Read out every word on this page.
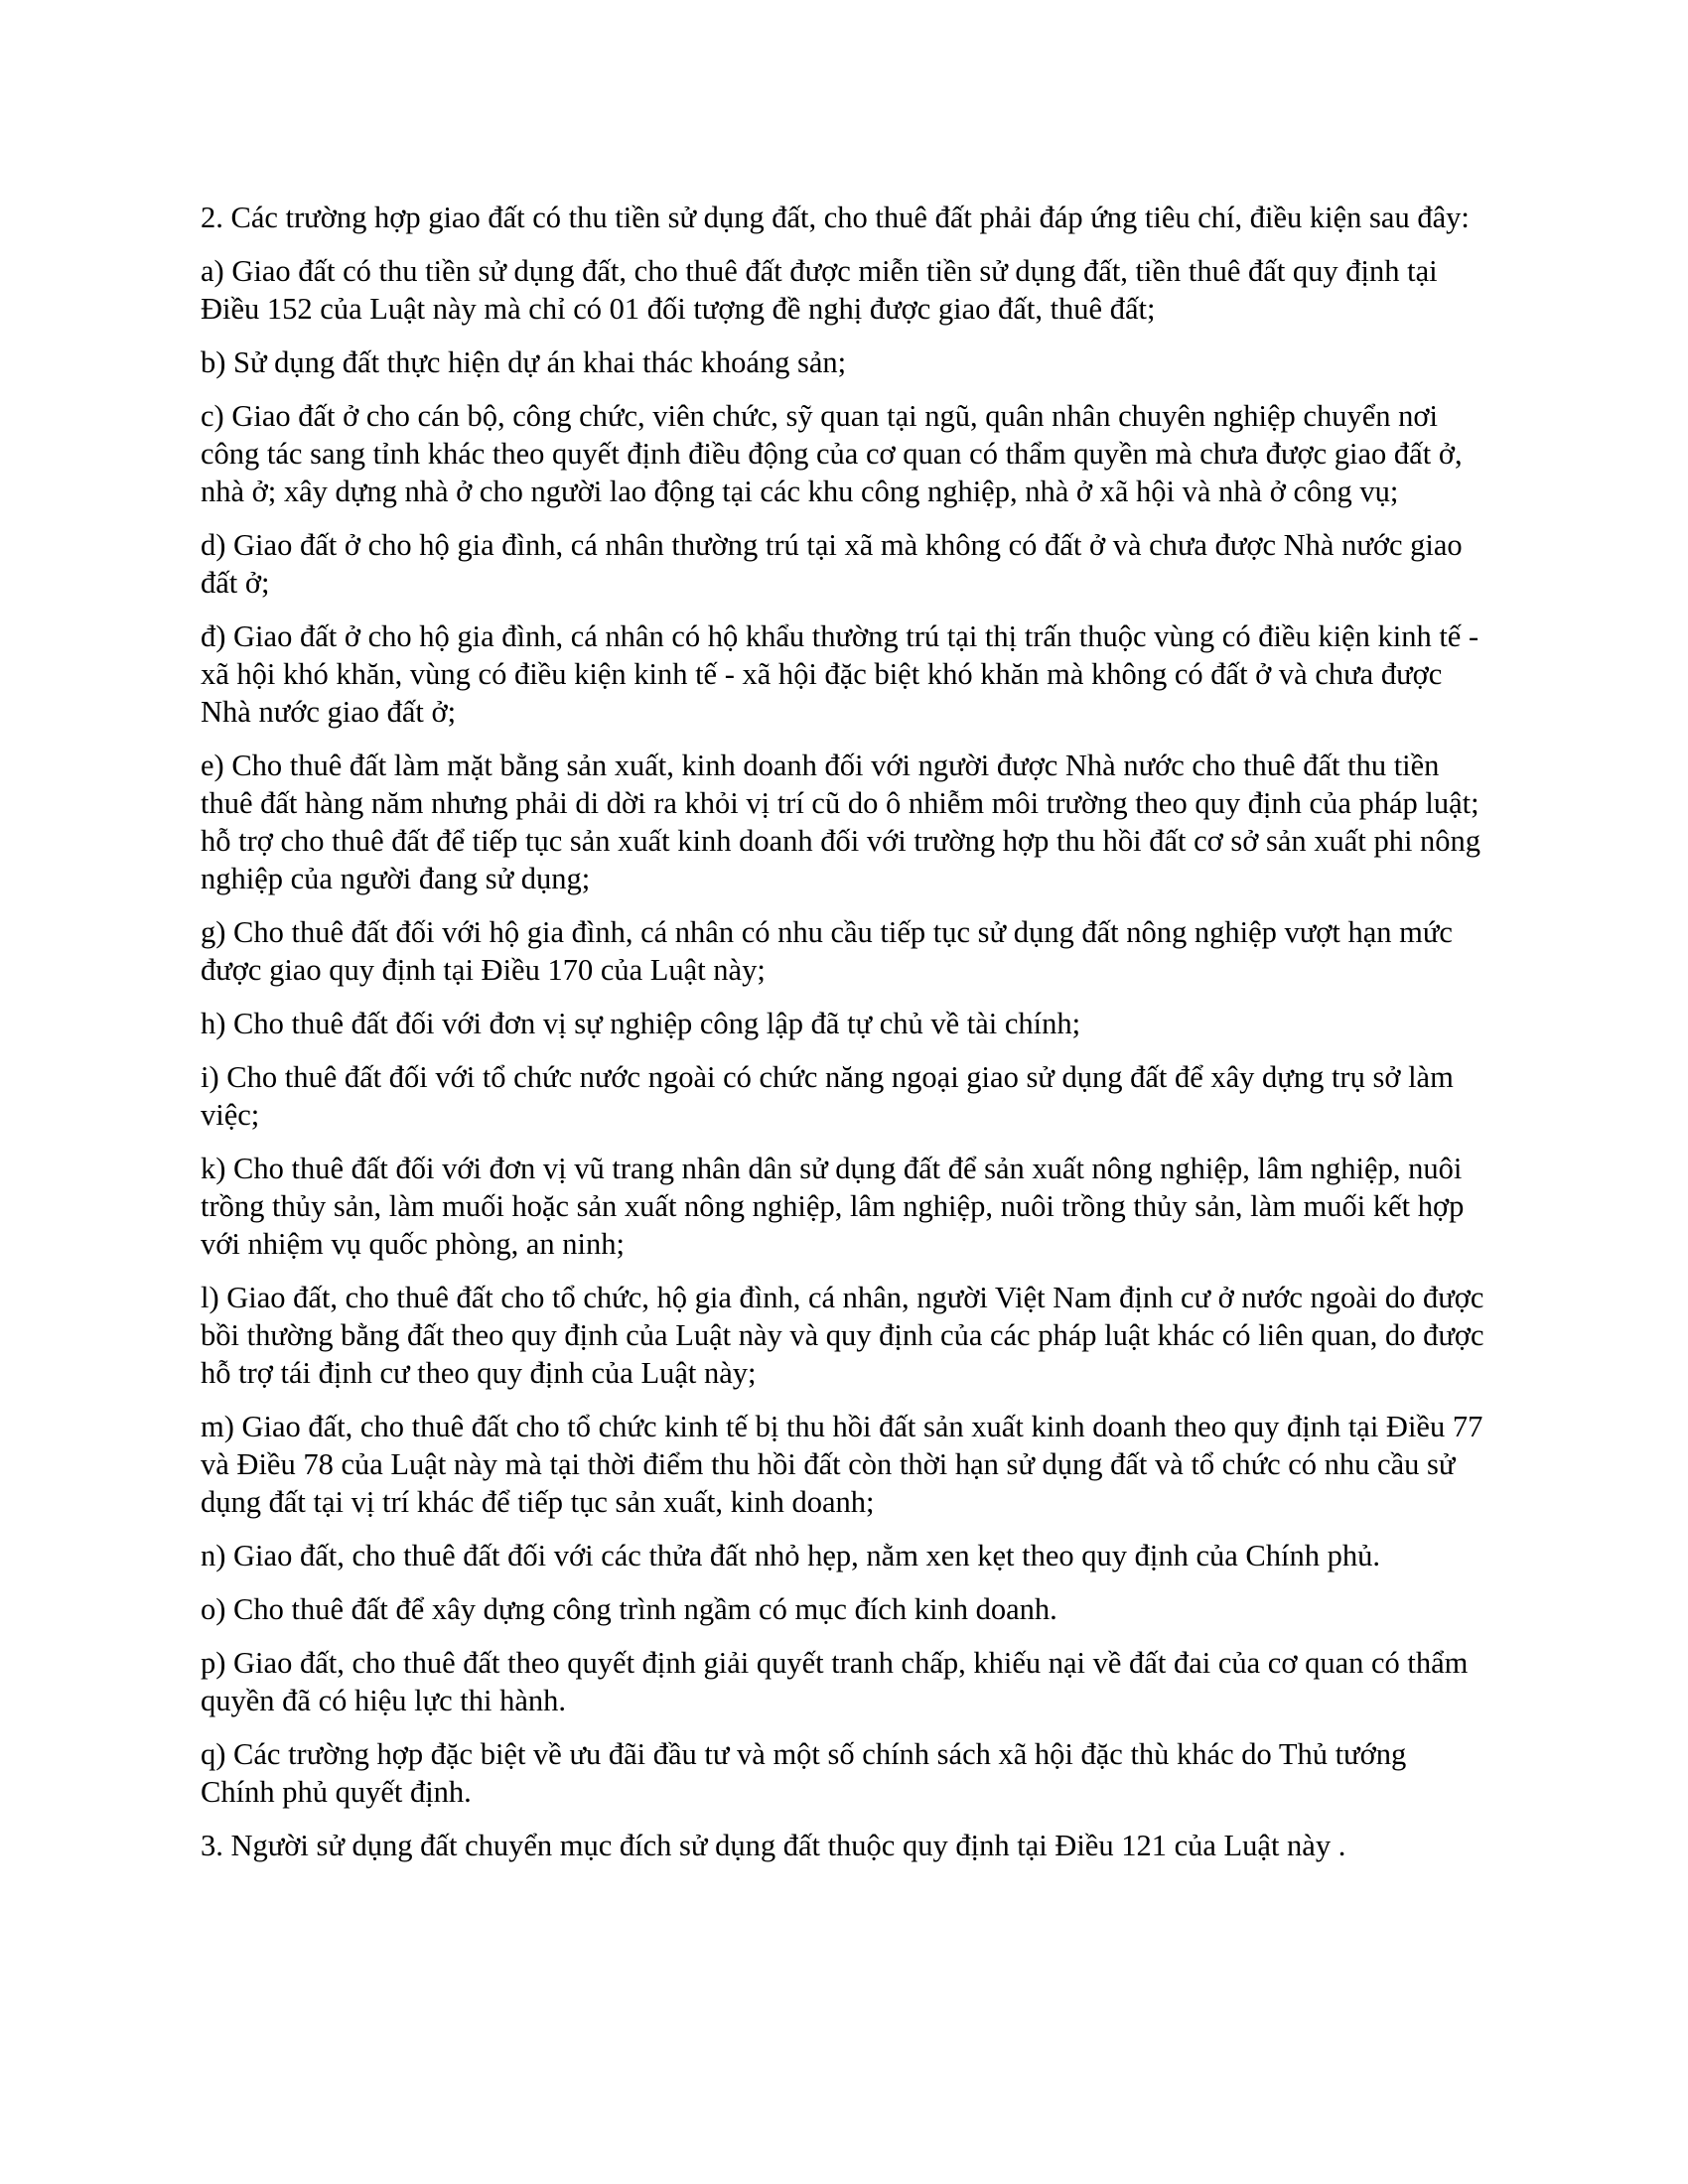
2. Các trường hợp giao đất có thu tiền sử dụng đất, cho thuê đất phải đáp ứng tiêu chí, điều kiện sau đây:

a) Giao đất có thu tiền sử dụng đất, cho thuê đất được miễn tiền sử dụng đất, tiền thuê đất quy định tại Điều 152 của Luật này mà chỉ có 01 đối tượng đề nghị được giao đất, thuê đất;

b) Sử dụng đất thực hiện dự án khai thác khoáng sản;

c) Giao đất ở cho cán bộ, công chức, viên chức, sỹ quan tại ngũ, quân nhân chuyên nghiệp chuyển nơi công tác sang tỉnh khác theo quyết định điều động của cơ quan có thẩm quyền mà chưa được giao đất ở, nhà ở; xây dựng nhà ở cho người lao động tại các khu công nghiệp, nhà ở xã hội và nhà ở công vụ;

d) Giao đất ở cho hộ gia đình, cá nhân thường trú tại xã mà không có đất ở và chưa được Nhà nước giao đất ở;

đ) Giao đất ở cho hộ gia đình, cá nhân có hộ khẩu thường trú tại thị trấn thuộc vùng có điều kiện kinh tế - xã hội khó khăn, vùng có điều kiện kinh tế - xã hội đặc biệt khó khăn mà không có đất ở và chưa được Nhà nước giao đất ở;

e) Cho thuê đất làm mặt bằng sản xuất, kinh doanh đối với người được Nhà nước cho thuê đất thu tiền thuê đất hàng năm nhưng phải di dời ra khỏi vị trí cũ do ô nhiễm môi trường theo quy định của pháp luật; hỗ trợ cho thuê đất để tiếp tục sản xuất kinh doanh đối với trường hợp thu hồi đất cơ sở sản xuất phi nông nghiệp của người đang sử dụng;

g) Cho thuê đất đối với hộ gia đình, cá nhân có nhu cầu tiếp tục sử dụng đất nông nghiệp vượt hạn mức được giao quy định tại Điều 170 của Luật này;

h) Cho thuê đất đối với đơn vị sự nghiệp công lập đã tự chủ về tài chính;

i) Cho thuê đất đối với tổ chức nước ngoài có chức năng ngoại giao sử dụng đất để xây dựng trụ sở làm việc;

k) Cho thuê đất đối với đơn vị vũ trang nhân dân sử dụng đất để sản xuất nông nghiệp, lâm nghiệp, nuôi trồng thủy sản, làm muối hoặc sản xuất nông nghiệp, lâm nghiệp, nuôi trồng thủy sản, làm muối kết hợp với nhiệm vụ quốc phòng, an ninh;

l) Giao đất, cho thuê đất cho tổ chức, hộ gia đình, cá nhân, người Việt Nam định cư ở nước ngoài do được bồi thường bằng đất theo quy định của Luật này và quy định của các pháp luật khác có liên quan, do được hỗ trợ tái định cư theo quy định của Luật này;

m) Giao đất, cho thuê đất cho tổ chức kinh tế bị thu hồi đất sản xuất kinh doanh theo quy định tại Điều 77 và Điều 78 của Luật này mà tại thời điểm thu hồi đất còn thời hạn sử dụng đất và tổ chức có nhu cầu sử dụng đất tại vị trí khác để tiếp tục sản xuất, kinh doanh;

n) Giao đất, cho thuê đất đối với các thửa đất nhỏ hẹp, nằm xen kẹt theo quy định của Chính phủ.

o) Cho thuê đất để xây dựng công trình ngầm có mục đích kinh doanh.

p) Giao đất, cho thuê đất theo quyết định giải quyết tranh chấp, khiếu nại về đất đai của cơ quan có thẩm quyền đã có hiệu lực thi hành.

q) Các trường hợp đặc biệt về ưu đãi đầu tư và một số chính sách xã hội đặc thù khác do Thủ tướng Chính phủ quyết định.

3. Người sử dụng đất chuyển mục đích sử dụng đất thuộc quy định tại Điều 121 của Luật này .
